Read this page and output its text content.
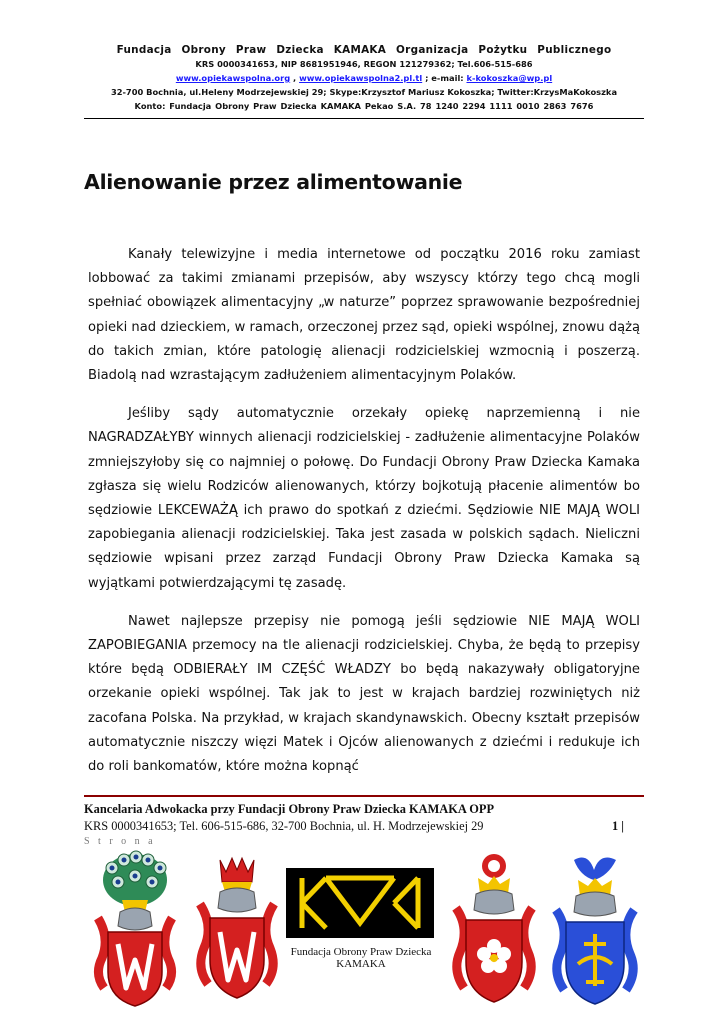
Fundacja Obrony Praw Dziecka KAMAKA Organizacja Pożytku Publicznego
KRS 0000341653, NIP 8681951946, REGON 121279362; Tel.606-515-686
www.opiekawspolna.org , www.opiekawspolna2.pl.tl ; e-mail: k-kokoszka@wp.pl
32-700 Bochnia, ul.Heleny Modrzejewskiej 29; Skype:Krzysztof Mariusz Kokoszka; Twitter:KrzysMaKokoszka
Konto: Fundacja Obrony Praw Dziecka KAMAKA Pekao S.A. 78 1240 2294 1111 0010 2863 7676
Alienowanie przez alimentowanie

Kanały telewizyjne i media internetowe od początku 2016 roku zamiast lobbować za takimi zmianami przepisów, aby wszyscy którzy tego chcą mogli spełniać obowiązek alimentacyjny „w naturze” poprzez sprawowanie bezpośredniej opieki nad dzieckiem, w ramach, orzeczonej przez sąd, opieki wspólnej, znowu dążą do takich zmian, które patologię alienacji rodzicielskiej wzmocnią i poszerzą. Biadolą nad wzrastającym zadłużeniem alimentacyjnym Polaków.

Jeśliby sądy automatycznie orzekały opiekę naprzemienną i nie NAGRADZAŁYBY winnych alienacji rodzicielskiej - zadłużenie alimentacyjne Polaków zmniejszyłoby się co najmniej o połowę. Do Fundacji Obrony Praw Dziecka Kamaka zgłasza się wielu Rodziców alienowanych, którzy bojkotują płacenie alimentów bo sędziowie LEKCEWAŻĄ ich prawo do spotkań z dziećmi. Sędziowie NIE MAJĄ WOLI zapobiegania alienacji rodzicielskiej. Taka jest zasada w polskich sądach. Nieliczni sędziowie wpisani przez zarząd Fundacji Obrony Praw Dziecka Kamaka są wyjątkami potwierdzającymi tę zasadę.

Nawet najlepsze przepisy nie pomogą jeśli sędziowie NIE MAJĄ WOLI ZAPOBIEGANIA przemocy na tle alienacji rodzicielskiej. Chyba, że będą to przepisy które będą ODBIERAŁY IM CZĘŚĆ WŁADZY bo będą nakazywały obligatoryjne orzekanie opieki wspólnej. Tak jak to jest w krajach bardziej rozwiniętych niż zacofana Polska. Na przykład, w krajach skandynawskich. Obecny kształt przepisów automatycznie niszczy więzi Matek i Ojców alienowanych z dziećmi i redukuje ich do roli bankomatów, które można kopnąć

Kancelaria Adwokacka przy Fundacji Obrony Praw Dziecka KAMAKA OPP
KRS 0000341653; Tel. 606-515-686, 32-700 Bochnia, ul. H. Modrzejewskiej 29	1 |
S t r o n a
Fundacja Obrony Praw Dziecka
KAMAKA
